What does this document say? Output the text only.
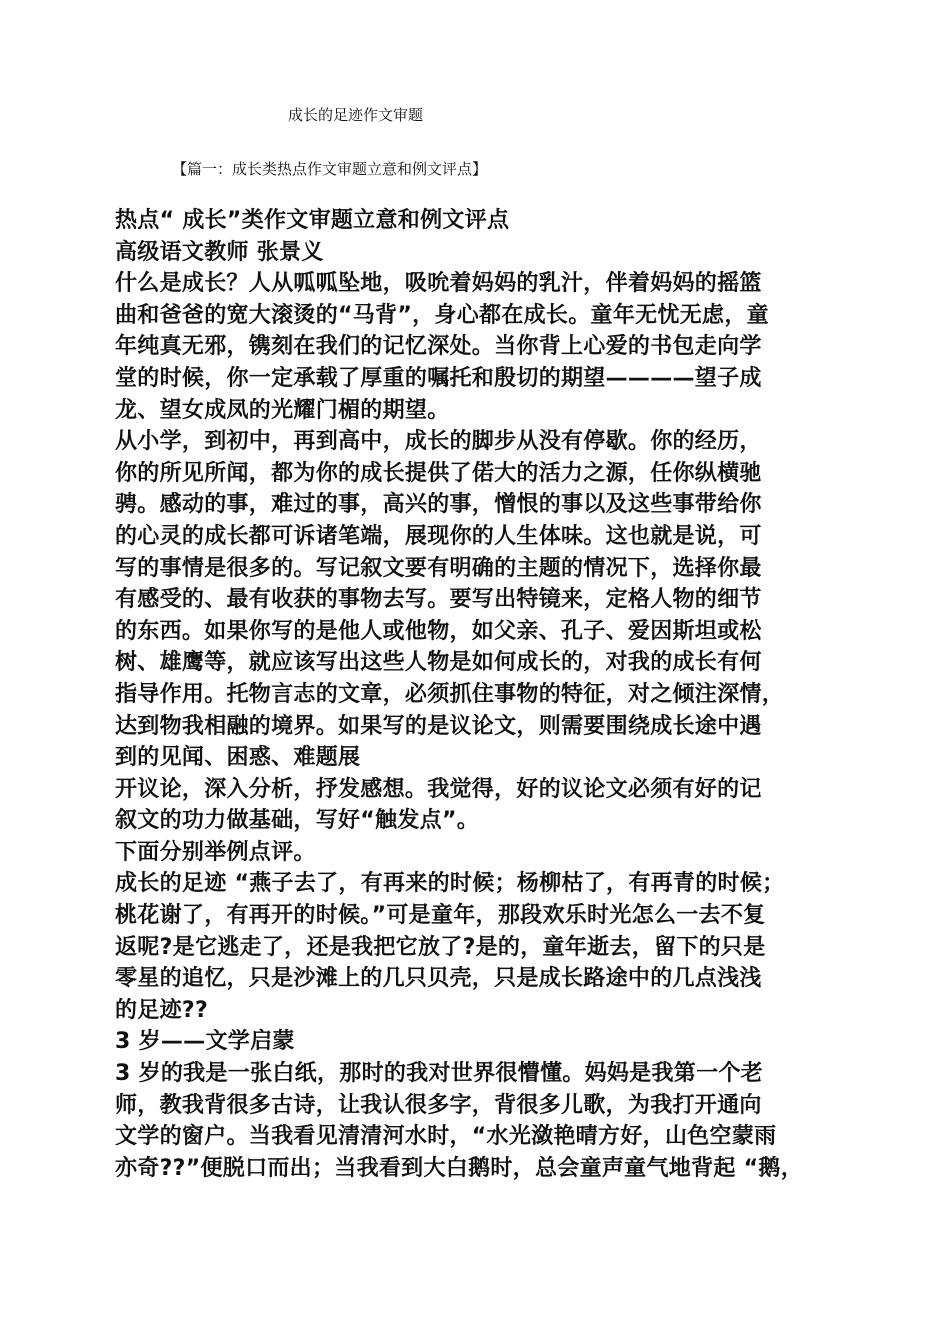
成长的足迹作文审题
【篇一：成长类热点作文审题立意和例文评点】
热点“ 成长”类作文审题立意和例文评点
高级语文教师 张景义
什么是成长？人从呱呱坠地，吸吮着妈妈的乳汁，伴着妈妈的摇篮
曲和爸爸的宽大滚烫的“马背”，身心都在成长。童年无忧无虑，童
年纯真无邪，镌刻在我们的记忆深处。当你背上心爱的书包走向学
堂的时候，你一定承载了厚重的嘱托和殷切的期望————望子成
龙、望女成凤的光耀门楣的期望。
从小学，到初中，再到高中，成长的脚步从没有停歇。你的经历，
你的所见所闻，都为你的成长提供了偌大的活力之源，任你纵横驰
骋。感动的事，难过的事，高兴的事，憎恨的事以及这些事带给你
的心灵的成长都可诉诸笔端，展现你的人生体味。这也就是说，可
写的事情是很多的。写记叙文要有明确的主题的情况下，选择你最
有感受的、最有收获的事物去写。要写出特镜来，定格人物的细节
的东西。如果你写的是他人或他物，如父亲、孔子、爱因斯坦或松
树、雄鹰等，就应该写出这些人物是如何成长的，对我的成长有何
指导作用。托物言志的文章，必须抓住事物的特征，对之倾注深情，
达到物我相融的境界。如果写的是议论文，则需要围绕成长途中遇
到的见闻、困惑、难题展
开议论，深入分析，抒发感想。我觉得，好的议论文必须有好的记
叙文的功力做基础，写好“触发点”。
下面分别举例点评。
成长的足迹 “燕子去了，有再来的时候；杨柳枯了，有再青的时候；
桃花谢了，有再开的时候。”可是童年，那段欢乐时光怎么一去不复
返呢?是它逃走了，还是我把它放了?是的，童年逝去，留下的只是
零星的追忆，只是沙滩上的几只贝壳，只是成长路途中的几点浅浅
的足迹??
3 岁——文学启蒙
3 岁的我是一张白纸，那时的我对世界很懵懂。妈妈是我第一个老
师，教我背很多古诗，让我认很多字，背很多儿歌，为我打开通向
文学的窗户。当我看见清清河水时，“水光潋艳晴方好，山色空蒙雨
亦奇??”便脱口而出；当我看到大白鹅时，总会童声童气地背起 “鹅，
